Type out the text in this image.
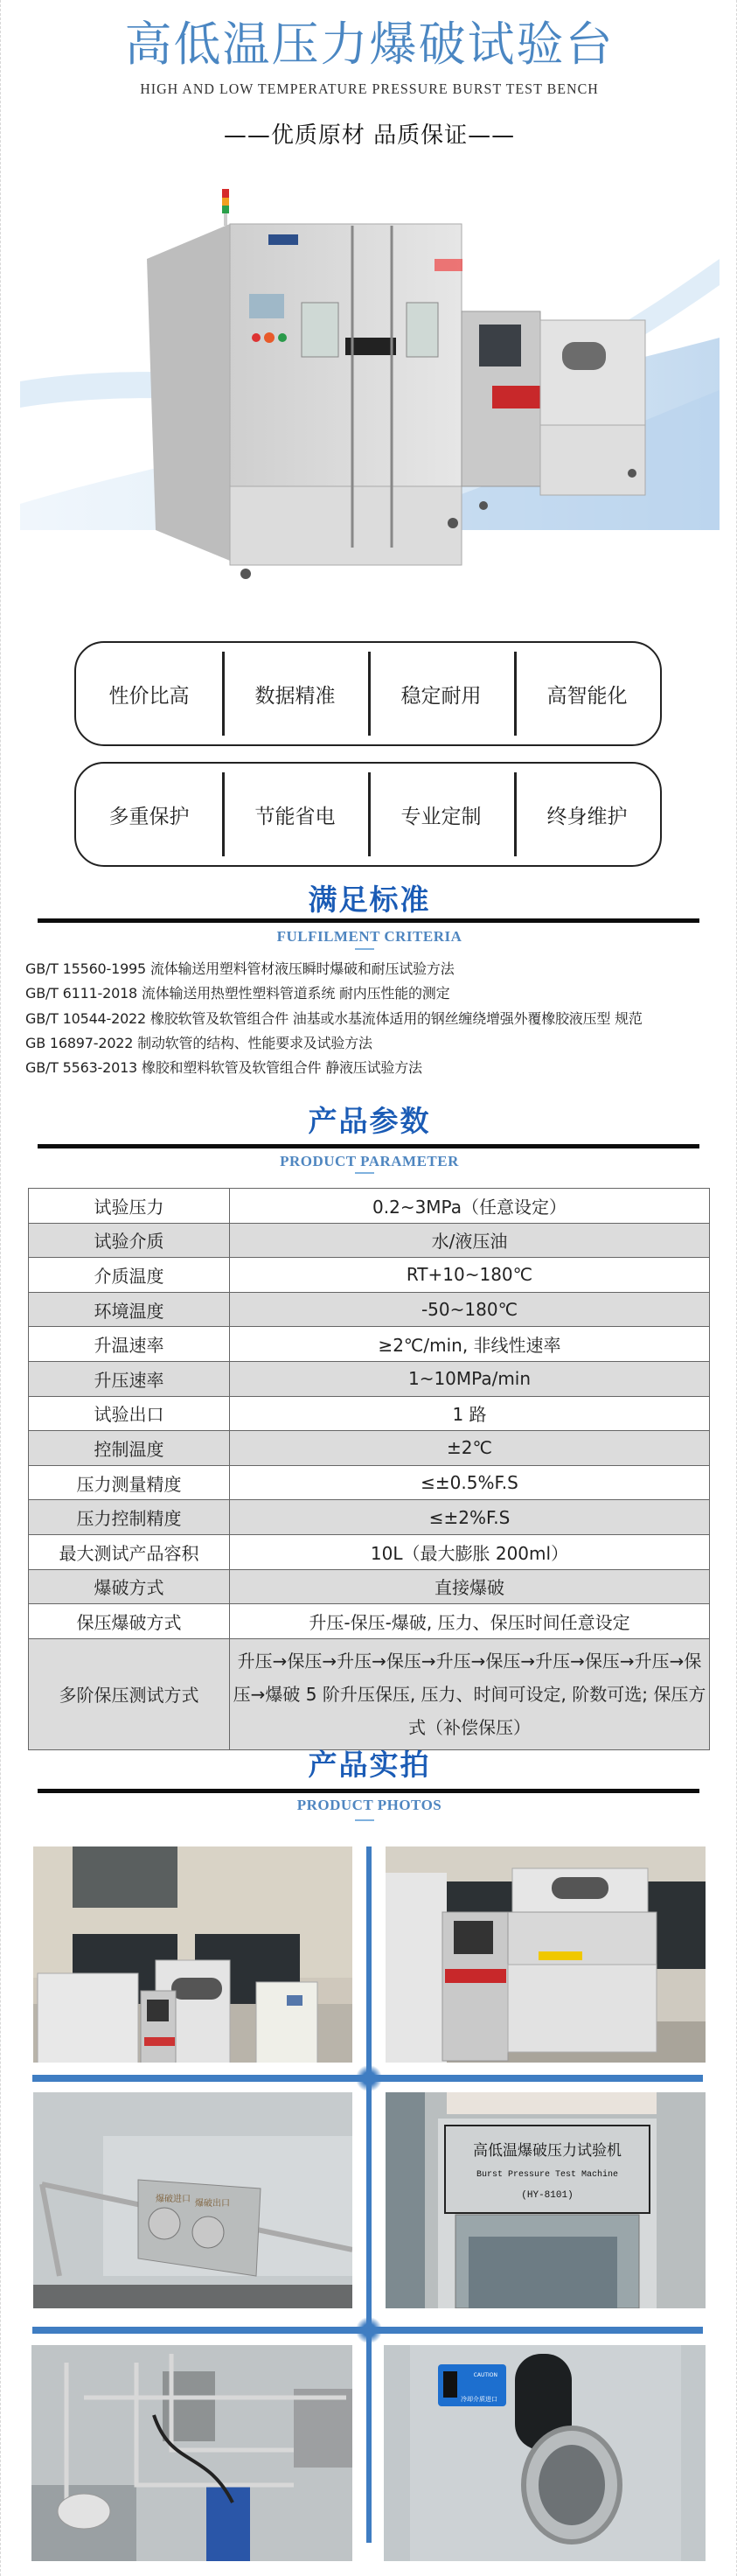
高低温压力爆破试验台
HIGH AND LOW TEMPERATURE PRESSURE BURST TEST BENCH
——优质原材 品质保证——
性价比高	数据精准	稳定耐用	高智能化
多重保护	节能省电	专业定制	终身维护
满足标准
FULFILMENT CRITERIA
GB/T 15560-1995 流体输送用塑料管材液压瞬时爆破和耐压试验方法
GB/T 6111-2018 流体输送用热塑性塑料管道系统 耐内压性能的测定
GB/T 10544-2022 橡胶软管及软管组合件 油基或水基流体适用的钢丝缠绕增强外覆橡胶液压型 规范
GB 16897-2022 制动软管的结构、性能要求及试验方法
GB/T 5563-2013 橡胶和塑料软管及软管组合件 静液压试验方法
产品参数
PRODUCT PARAMETER
试验压力	0.2~3MPa（任意设定）
试验介质	水/液压油
介质温度	RT+10~180℃
环境温度	-50~180℃
升温速率	≥2℃/min, 非线性速率
升压速率	1~10MPa/min
试验出口	1 路
控制温度	±2℃
压力测量精度	≤±0.5%F.S
压力控制精度	≤±2%F.S
最大测试产品容积	10L（最大膨胀 200ml）
爆破方式	直接爆破
保压爆破方式	升压-保压-爆破, 压力、保压时间任意设定
多阶保压测试方式	升压→保压→升压→保压→升压→保压→升压→保压→升压→保压→爆破 5 阶升压保压, 压力、时间可设定, 阶数可选; 保压方式（补偿保压）
产品实拍
PRODUCT PHOTOS
爆破进口 爆破出口
高低温爆破压力试验机
Burst Pressure Test Machine
(HY-8101)
CAUTION
冷却介质进口
